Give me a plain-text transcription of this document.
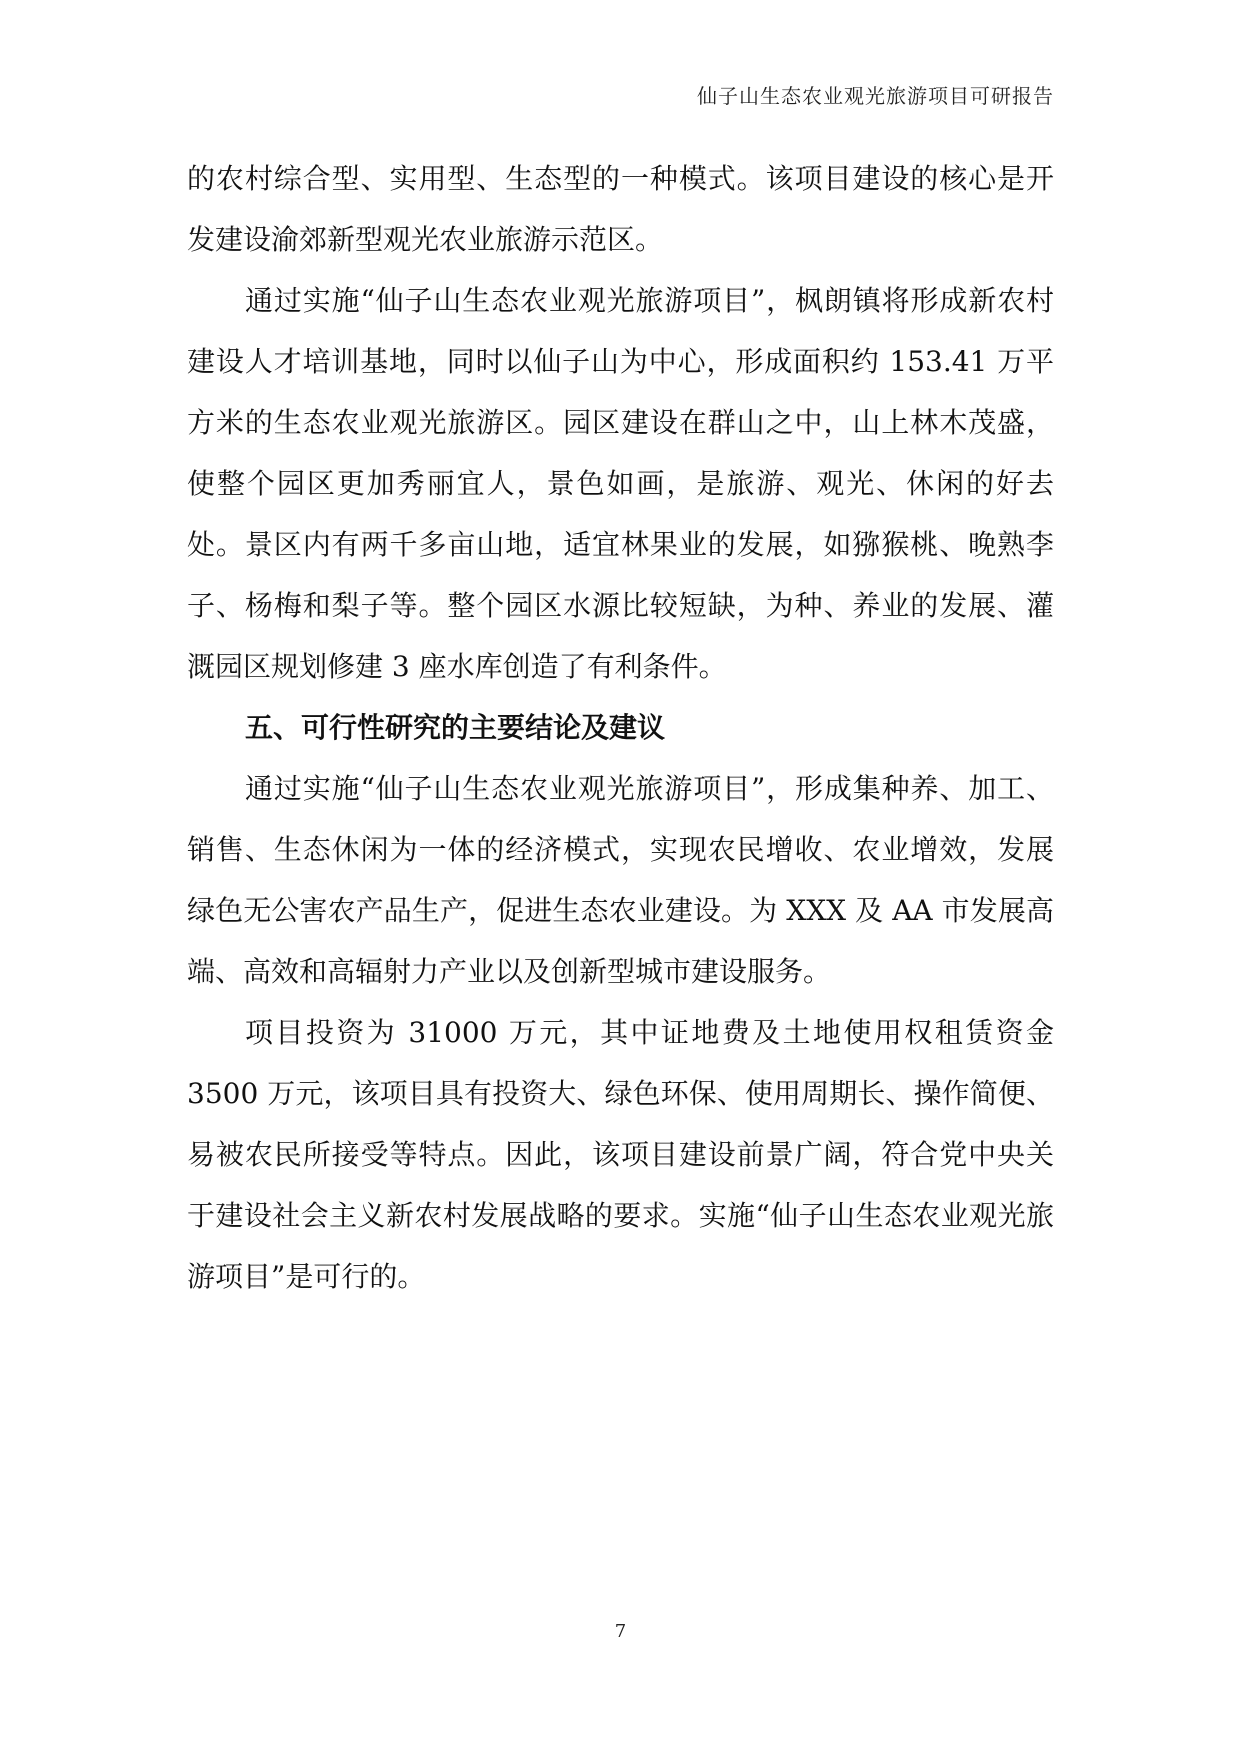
仙子山生态农业观光旅游项目可研报告

的农村综合型、实用型、生态型的一种模式。该项目建设的核心是开发建设渝郊新型观光农业旅游示范区。

通过实施“仙子山生态农业观光旅游项目”，枫朗镇将形成新农村建设人才培训基地，同时以仙子山为中心，形成面积约 153.41 万平方米的生态农业观光旅游区。园区建设在群山之中，山上林木茂盛，使整个园区更加秀丽宜人，景色如画，是旅游、观光、休闲的好去处。景区内有两千多亩山地，适宜林果业的发展，如猕猴桃、晚熟李子、杨梅和梨子等。整个园区水源比较短缺，为种、养业的发展、灌溉园区规划修建 3 座水库创造了有利条件。

五、可行性研究的主要结论及建议

通过实施“仙子山生态农业观光旅游项目”，形成集种养、加工、销售、生态休闲为一体的经济模式，实现农民增收、农业增效，发展绿色无公害农产品生产，促进生态农业建设。为 XXX 及 AA 市发展高端、高效和高辐射力产业以及创新型城市建设服务。

项目投资为 31000 万元，其中证地费及土地使用权租赁资金 3500 万元，该项目具有投资大、绿色环保、使用周期长、操作简便、易被农民所接受等特点。因此，该项目建设前景广阔，符合党中央关于建设社会主义新农村发展战略的要求。实施“仙子山生态农业观光旅游项目”是可行的。

7
